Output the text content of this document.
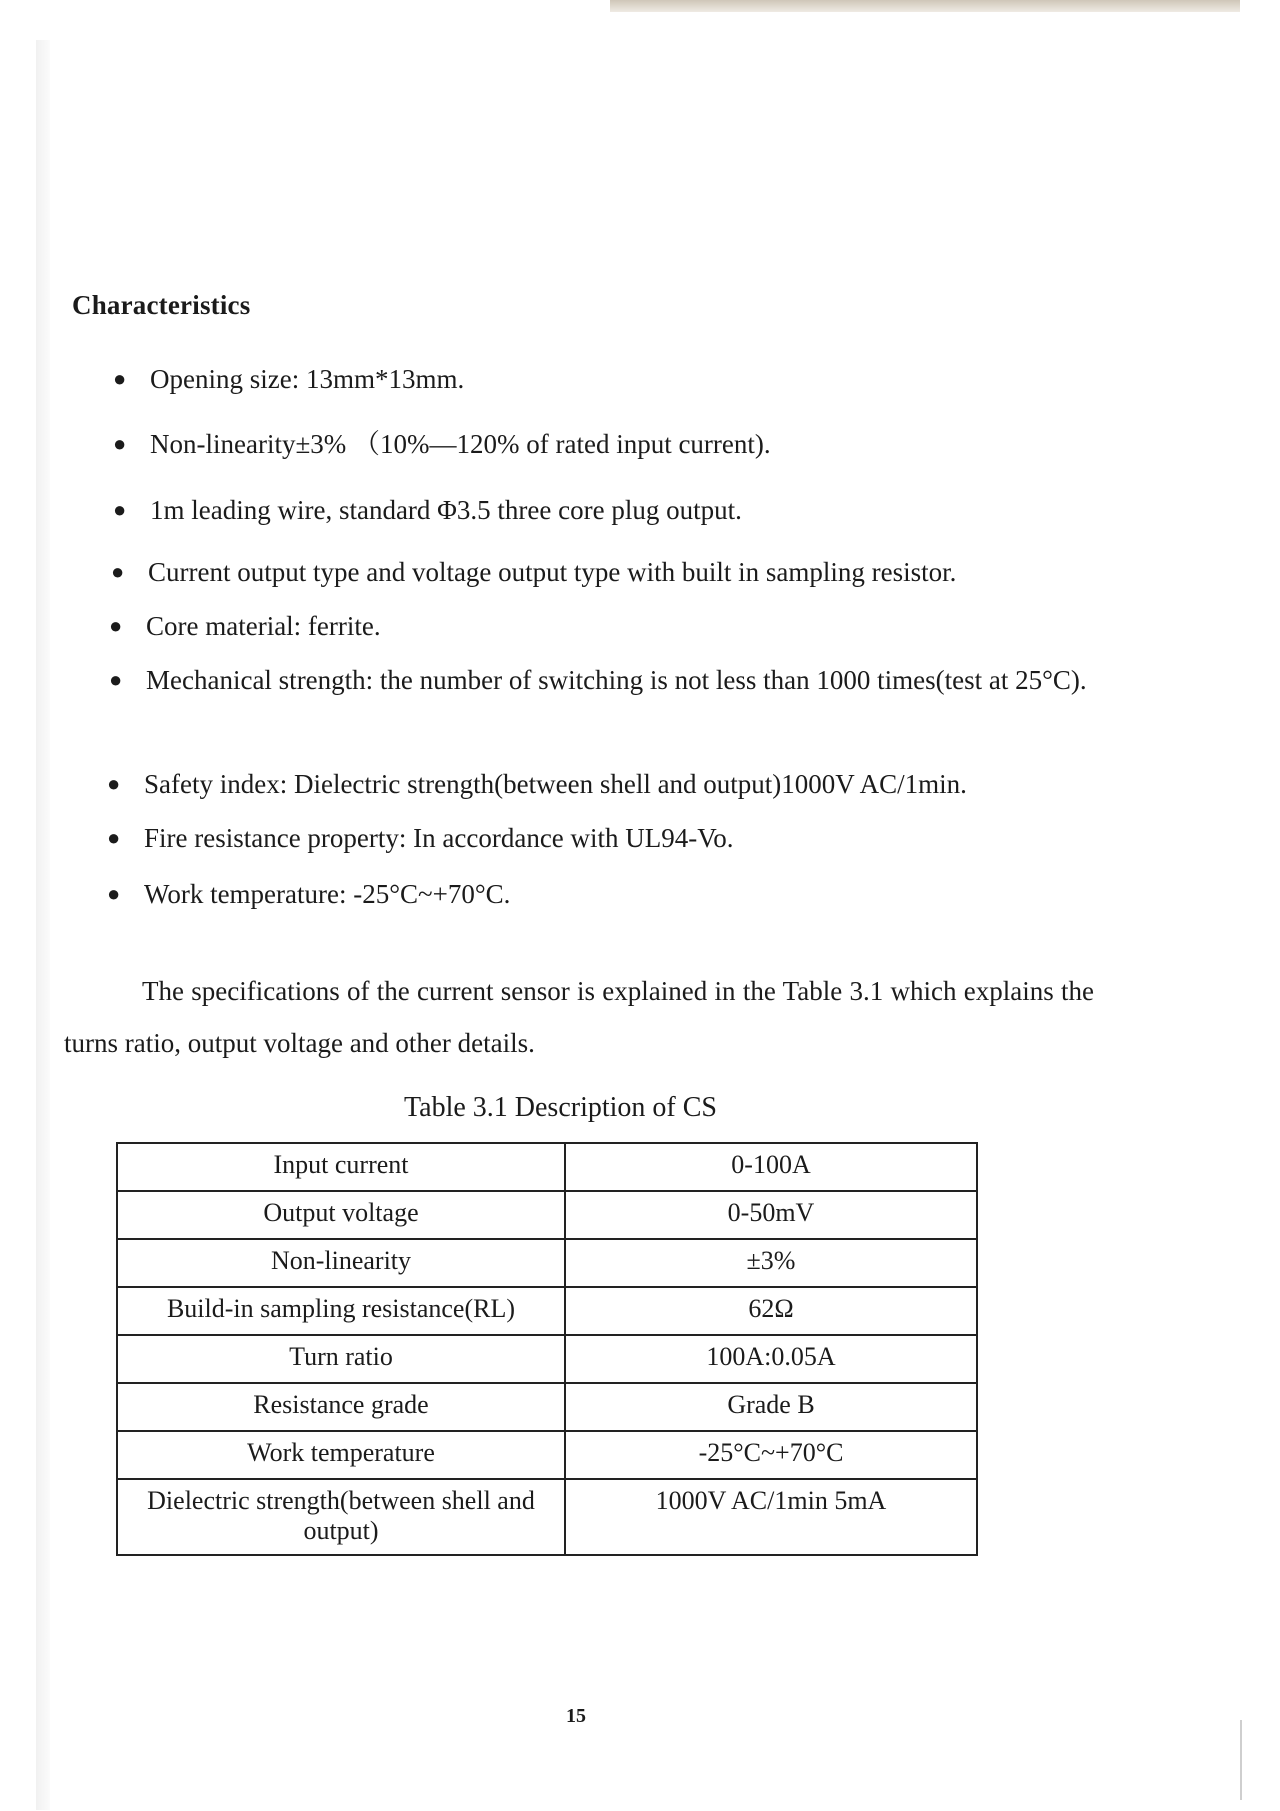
Characteristics
● Opening size: 13mm*13mm.
● Non-linearity±3% （10%—120% of rated input current).
● 1m leading wire, standard Φ3.5 three core plug output.
● Current output type and voltage output type with built in sampling resistor.
● Core material: ferrite.
● Mechanical strength: the number of switching is not less than 1000 times(test at 25°C).
● Safety index: Dielectric strength(between shell and output)1000V AC/1min.
● Fire resistance property: In accordance with UL94-Vo.
● Work temperature: -25°C~+70°C.
The specifications of the current sensor is explained in the Table 3.1 which explains the turns ratio, output voltage and other details.
Table 3.1 Description of CS
Input current	0-100A
Output voltage	0-50mV
Non-linearity	±3%
Build-in sampling resistance(RL)	62Ω
Turn ratio	100A:0.05A
Resistance grade	Grade B
Work temperature	-25°C~+70°C
Dielectric strength(between shell and output)	1000V AC/1min 5mA
15
